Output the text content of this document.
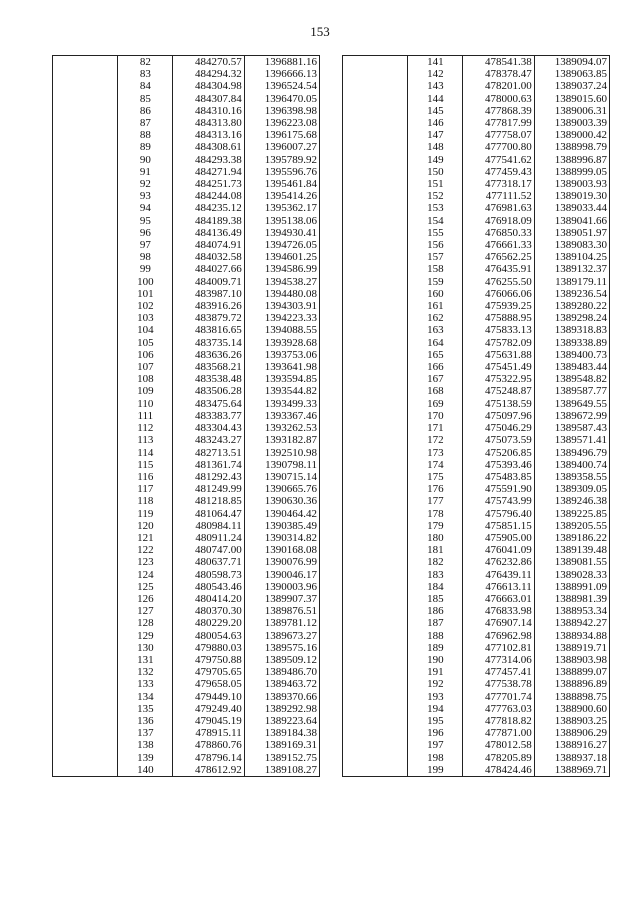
153
	82	484270.57	1396881.16
	83	484294.32	1396666.13
	84	484304.98	1396524.54
	85	484307.84	1396470.05
	86	484310.16	1396398.98
	87	484313.80	1396223.08
	88	484313.16	1396175.68
	89	484308.61	1396007.27
	90	484293.38	1395789.92
	91	484271.94	1395596.76
	92	484251.73	1395461.84
	93	484244.08	1395414.26
	94	484235.12	1395362.17
	95	484189.38	1395138.06
	96	484136.49	1394930.41
	97	484074.91	1394726.05
	98	484032.58	1394601.25
	99	484027.66	1394586.99
	100	484009.71	1394538.27
	101	483987.10	1394480.08
	102	483916.26	1394303.91
	103	483879.72	1394223.33
	104	483816.65	1394088.55
	105	483735.14	1393928.68
	106	483636.26	1393753.06
	107	483568.21	1393641.98
	108	483538.48	1393594.85
	109	483506.28	1393544.82
	110	483475.64	1393499.33
	111	483383.77	1393367.46
	112	483304.43	1393262.53
	113	483243.27	1393182.87
	114	482713.51	1392510.98
	115	481361.74	1390798.11
	116	481292.43	1390715.14
	117	481249.99	1390665.76
	118	481218.85	1390630.36
	119	481064.47	1390464.42
	120	480984.11	1390385.49
	121	480911.24	1390314.82
	122	480747.00	1390168.08
	123	480637.71	1390076.99
	124	480598.73	1390046.17
	125	480543.46	1390003.96
	126	480414.20	1389907.37
	127	480370.30	1389876.51
	128	480229.20	1389781.12
	129	480054.63	1389673.27
	130	479880.03	1389575.16
	131	479750.88	1389509.12
	132	479705.65	1389486.70
	133	479658.05	1389463.72
	134	479449.10	1389370.66
	135	479249.40	1389292.98
	136	479045.19	1389223.64
	137	478915.11	1389184.38
	138	478860.76	1389169.31
	139	478796.14	1389152.75
	140	478612.92	1389108.27
	141	478541.38	1389094.07
	142	478378.47	1389063.85
	143	478201.00	1389037.24
	144	478000.63	1389015.60
	145	477868.39	1389006.31
	146	477817.99	1389003.39
	147	477758.07	1389000.42
	148	477700.80	1388998.79
	149	477541.62	1388996.87
	150	477459.43	1388999.05
	151	477318.17	1389003.93
	152	477111.52	1389019.30
	153	476981.63	1389033.44
	154	476918.09	1389041.66
	155	476850.33	1389051.97
	156	476661.33	1389083.30
	157	476562.25	1389104.25
	158	476435.91	1389132.37
	159	476255.50	1389179.11
	160	476066.06	1389236.54
	161	475939.25	1389280.22
	162	475888.95	1389298.24
	163	475833.13	1389318.83
	164	475782.09	1389338.89
	165	475631.88	1389400.73
	166	475451.49	1389483.44
	167	475322.95	1389548.82
	168	475248.87	1389587.77
	169	475138.59	1389649.55
	170	475097.96	1389672.99
	171	475046.29	1389587.43
	172	475073.59	1389571.41
	173	475206.85	1389496.79
	174	475393.46	1389400.74
	175	475483.85	1389358.55
	176	475591.90	1389309.05
	177	475743.99	1389246.38
	178	475796.40	1389225.85
	179	475851.15	1389205.55
	180	475905.00	1389186.22
	181	476041.09	1389139.48
	182	476232.86	1389081.55
	183	476439.11	1389028.33
	184	476613.11	1388991.09
	185	476663.01	1388981.39
	186	476833.98	1388953.34
	187	476907.14	1388942.27
	188	476962.98	1388934.88
	189	477102.81	1388919.71
	190	477314.06	1388903.98
	191	477457.41	1388899.07
	192	477538.78	1388896.89
	193	477701.74	1388898.75
	194	477763.03	1388900.60
	195	477818.82	1388903.25
	196	477871.00	1388906.29
	197	478012.58	1388916.27
	198	478205.89	1388937.18
	199	478424.46	1388969.71
